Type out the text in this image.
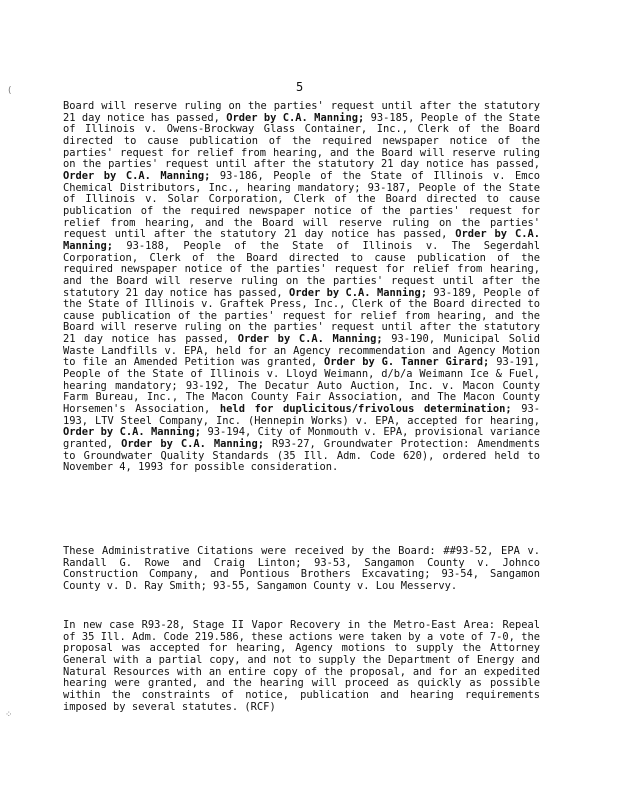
5
(
⁘
Board will reserve ruling on the parties' request until after the statutory 21 day notice has passed, Order by C.A. Manning; 93-185, People of the State of Illinois v. Owens-Brockway Glass Container, Inc., Clerk of the Board directed to cause publication of the required newspaper notice of the parties' request for relief from hearing, and the Board will reserve ruling on the parties' request until after the statutory 21 day notice has passed, Order by C.A. Manning; 93-186, People of the State of Illinois v. Emco Chemical Distributors, Inc., hearing mandatory; 93-187, People of the State of Illinois v. Solar Corporation, Clerk of the Board directed to cause publication of the required newspaper notice of the parties' request for relief from hearing, and the Board will reserve ruling on the parties' request until after the statutory 21 day notice has passed, Order by C.A. Manning; 93-188, People of the State of Illinois v. The Segerdahl Corporation, Clerk of the Board directed to cause publication of the required newspaper notice of the parties' request for relief from hearing, and the Board will reserve ruling on the parties' request until after the statutory 21 day notice has passed, Order by C.A. Manning; 93-189, People of the State of Illinois v. Graftek Press, Inc., Clerk of the Board directed to cause publication of the parties' request for relief from hearing, and the Board will reserve ruling on the parties' request until after the statutory 21 day notice has passed, Order by C.A. Manning; 93-190, Municipal Solid Waste Landfills v. EPA, held for an Agency recommendation and Agency Motion to file an Amended Petition was granted, Order by G. Tanner Girard; 93-191, People of the State of Illinois v. Lloyd Weimann, d/b/a Weimann Ice & Fuel, hearing mandatory; 93-192, The Decatur Auto Auction, Inc. v. Macon County Farm Bureau, Inc., The Macon County Fair Association, and The Macon County Horsemen's Association, held for duplicitous/frivolous determination; 93-193, LTV Steel Company, Inc. (Hennepin Works) v. EPA, accepted for hearing, Order by C.A. Manning; 93-194, City of Monmouth v. EPA, provisional variance granted, Order by C.A. Manning; R93-27, Groundwater Protection: Amendments to Groundwater Quality Standards (35 Ill. Adm. Code 620), ordered held to November 4, 1993 for possible consideration.
These Administrative Citations were received by the Board: ##93-52, EPA v. Randall G. Rowe and Craig Linton; 93-53, Sangamon County v. Johnco Construction Company, and Pontious Brothers Excavating; 93-54, Sangamon County v. D. Ray Smith; 93-55, Sangamon County v. Lou Messervy.
In new case R93-28, Stage II Vapor Recovery in the Metro-East Area: Repeal of 35 Ill. Adm. Code 219.586, these actions were taken by a vote of 7-0, the proposal was accepted for hearing, Agency motions to supply the Attorney General with a partial copy, and not to supply the Department of Energy and Natural Resources with an entire copy of the proposal, and for an expedited hearing were granted, and the hearing will proceed as quickly as possible within the constraints of notice, publication and hearing requirements imposed by several statutes. (RCF)
